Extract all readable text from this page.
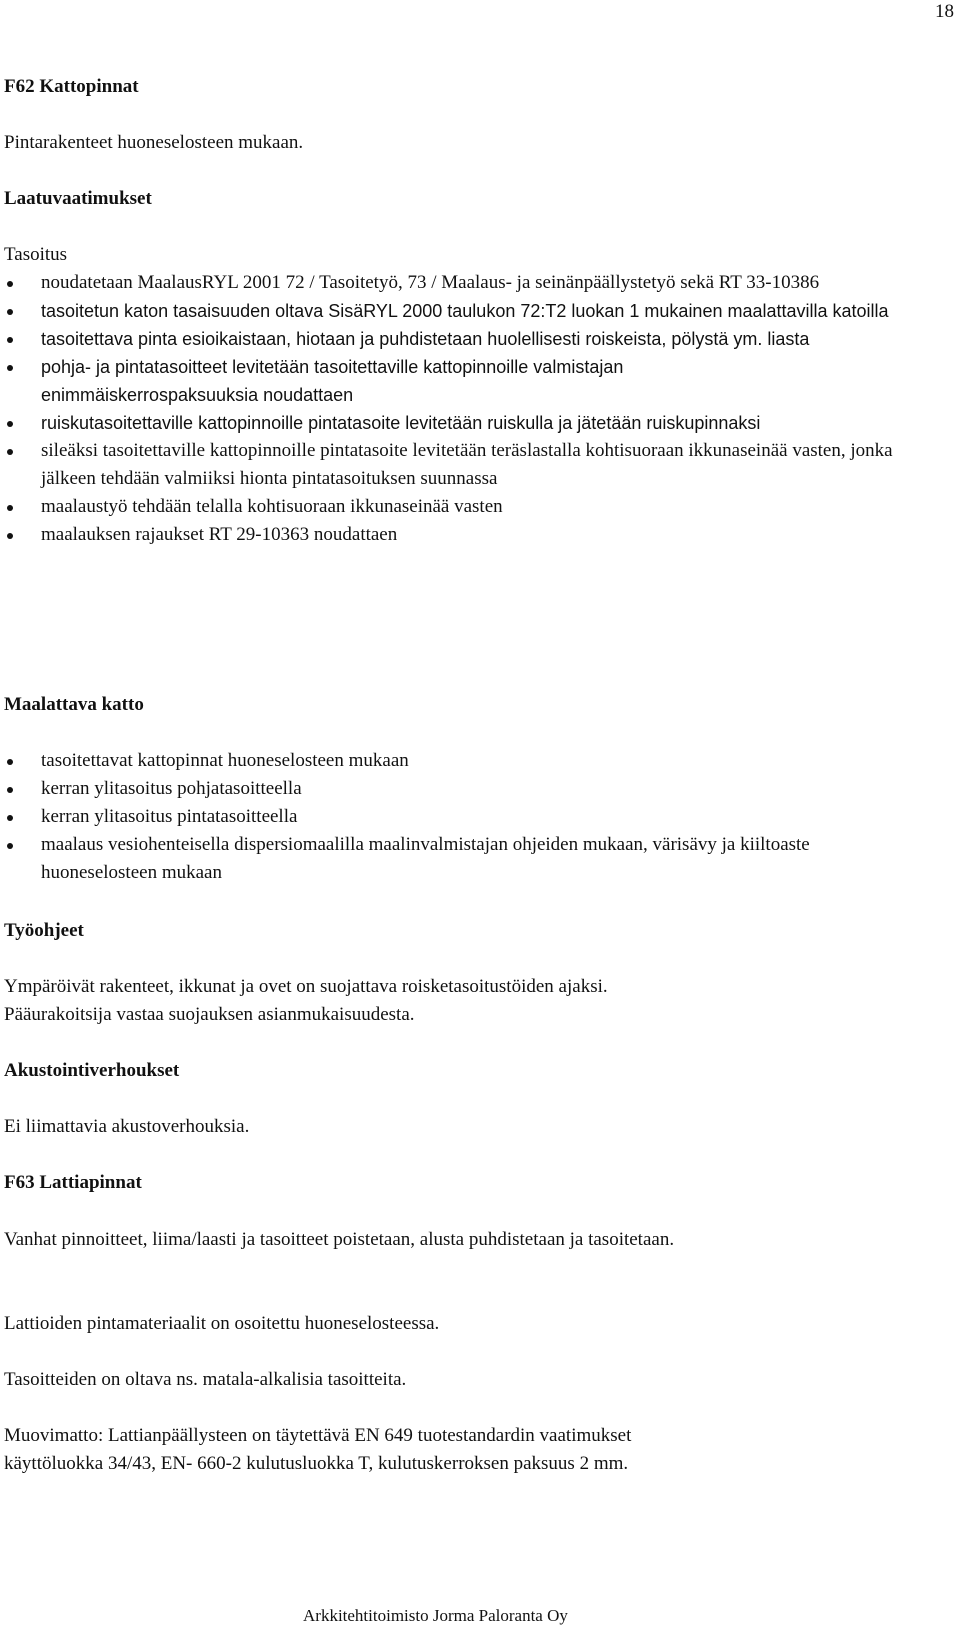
18
F62 Kattopinnat
Pintarakenteet huoneselosteen mukaan.
Laatuvaatimukset
Tasoitus
noudatetaan MaalausRYL 2001 72 / Tasoitetyö, 73 / Maalaus- ja seinänpäällystetyö sekä RT 33-10386
tasoitetun katon tasaisuuden oltava SisäRYL 2000 taulukon 72:T2 luokan 1 mukainen maalattavilla katoilla
tasoitettava pinta esioikaistaan, hiotaan ja puhdistetaan huolellisesti roiskeista, pölystä ym. liasta
pohja- ja pintatasoitteet levitetään tasoitettaville kattopinnoille valmistajan enimmäiskerrospaksuuksia noudattaen
ruiskutasoitettaville kattopinnoille pintatasoite levitetään ruiskulla ja jätetään ruiskupinnaksi
sileäksi tasoitettaville kattopinnoille pintatasoite levitetään teräslastalla kohtisuoraan ikkunaseinää vasten, jonka jälkeen tehdään valmiiksi hionta pintatasoituksen suunnassa
maalaustyö tehdään telalla kohtisuoraan ikkunaseinää vasten
maalauksen rajaukset RT 29-10363 noudattaen
Maalattava katto
tasoitettavat kattopinnat huoneselosteen mukaan
kerran ylitasoitus pohjatasoitteella
kerran ylitasoitus pintatasoitteella
maalaus vesiohenteisella dispersiomaalilla maalinvalmistajan ohjeiden mukaan, värisävy ja kiiltoaste huoneselosteen mukaan
Työohjeet
Ympäröivät rakenteet, ikkunat ja ovet on suojattava roisketasoitustöiden ajaksi.
Pääurakoitsija vastaa suojauksen asianmukaisuudesta.
Akustointiverhoukset
Ei liimattavia akustoverhouksia.
F63 Lattiapinnat
Vanhat pinnoitteet, liima/laasti ja tasoitteet poistetaan, alusta puhdistetaan ja tasoitetaan.
Lattioiden pintamateriaalit on osoitettu huoneselosteessa.
Tasoitteiden on oltava ns. matala-alkalisia tasoitteita.
Muovimatto: Lattianpäällysteen on täytettävä EN 649 tuotestandardin vaatimukset
käyttöluokka 34/43, EN- 660-2 kulutusluokka T, kulutuskerroksen paksuus 2 mm.
Arkkitehtitoimisto Jorma Paloranta Oy
